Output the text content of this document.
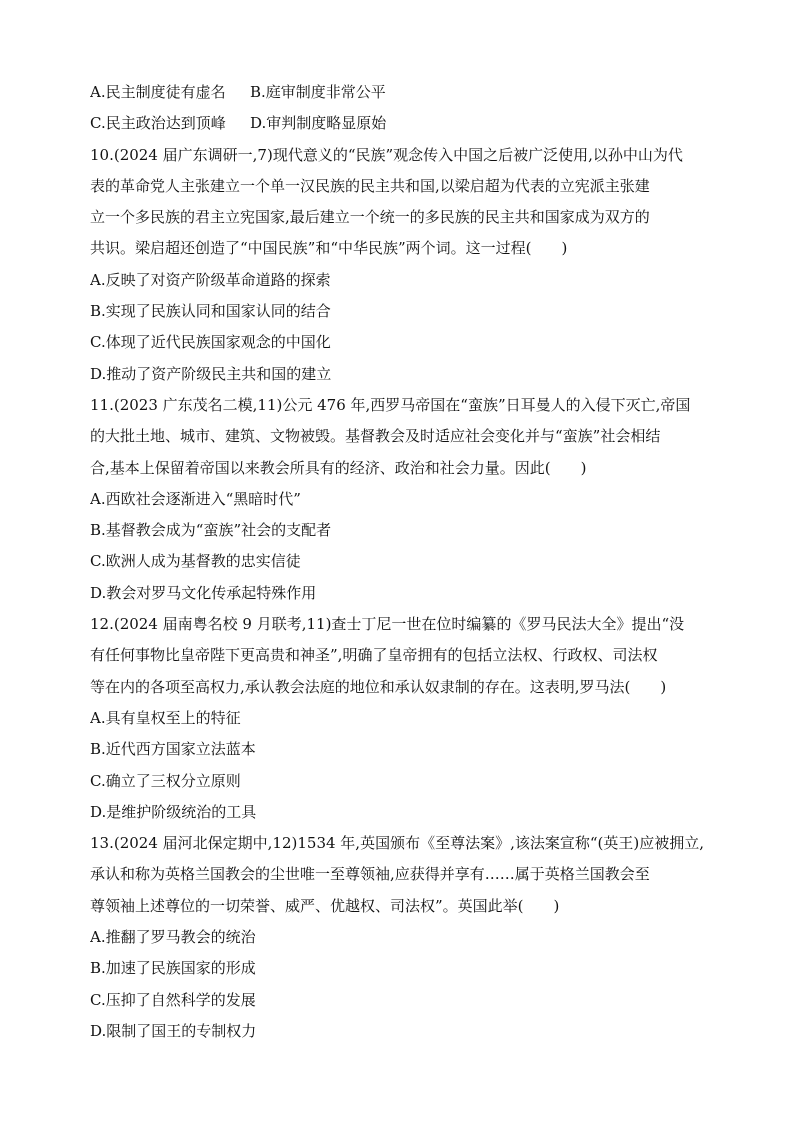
A.民主制度徒有虚名	B.庭审制度非常公平
C.民主政治达到顶峰	D.审判制度略显原始
10.(2024 届广东调研一,7)现代意义的“民族”观念传入中国之后被广泛使用,以孙中山为代
表的革命党人主张建立一个单一汉民族的民主共和国,以梁启超为代表的立宪派主张建
立一个多民族的君主立宪国家,最后建立一个统一的多民族的民主共和国家成为双方的
共识。梁启超还创造了“中国民族”和“中华民族”两个词。这一过程(　　)
A.反映了对资产阶级革命道路的探索
B.实现了民族认同和国家认同的结合
C.体现了近代民族国家观念的中国化
D.推动了资产阶级民主共和国的建立
11.(2023 广东茂名二模,11)公元 476 年,西罗马帝国在“蛮族”日耳曼人的入侵下灭亡,帝国
的大批土地、城市、建筑、文物被毁。基督教会及时适应社会变化并与“蛮族”社会相结
合,基本上保留着帝国以来教会所具有的经济、政治和社会力量。因此(　　)
A.西欧社会逐渐进入“黑暗时代”
B.基督教会成为“蛮族”社会的支配者
C.欧洲人成为基督教的忠实信徒
D.教会对罗马文化传承起特殊作用
12.(2024 届南粤名校 9 月联考,11)查士丁尼一世在位时编纂的《罗马民法大全》提出“没
有任何事物比皇帝陛下更高贵和神圣”,明确了皇帝拥有的包括立法权、行政权、司法权
等在内的各项至高权力,承认教会法庭的地位和承认奴隶制的存在。这表明,罗马法(　　)
A.具有皇权至上的特征
B.近代西方国家立法蓝本
C.确立了三权分立原则
D.是维护阶级统治的工具
13.(2024 届河北保定期中,12)1534 年,英国颁布《至尊法案》,该法案宣称“(英王)应被拥立,
承认和称为英格兰国教会的尘世唯一至尊领袖,应获得并享有……属于英格兰国教会至
尊领袖上述尊位的一切荣誉、威严、优越权、司法权”。英国此举(　　)
A.推翻了罗马教会的统治
B.加速了民族国家的形成
C.压抑了自然科学的发展
D.限制了国王的专制权力
